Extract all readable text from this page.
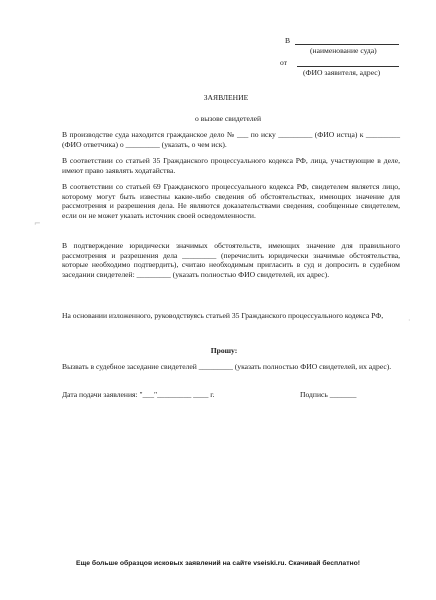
В
(наименование суда)
от
(ФИО заявителя, адрес)
ЗАЯВЛЕНИЕ
о вызове свидетелей
В производстве суда находится гражданское дело № ___ по иску _________ (ФИО истца) к _________ (ФИО ответчика) о _________ (указать, о чем иск).
В соответствии со статьей 35 Гражданского процессуального кодекса РФ, лица, участвующие в деле, имеют право заявлять ходатайства.
В соответствии со статьей 69 Гражданского процессуального кодекса РФ, свидетелем является лицо, которому могут быть известны какие-либо сведения об обстоятельствах, имеющих значение для рассмотрения и разрешения дела. Не являются доказательствами сведения, сообщенные свидетелем, если он не может указать источник своей осведомленности.
В подтверждение юридически значимых обстоятельств, имеющих значение для правильного рассмотрения и разрешения дела _________ (перечислить юридически значимые обстоятельства, которые необходимо подтвердить), считаю необходимым пригласить в суд и допросить в судебном заседании свидетелей: _________ (указать полностью ФИО свидетелей, их адрес).
На основании изложенного, руководствуясь статьей 35 Гражданского процессуального кодекса РФ,
Прошу:
Вызвать в судебное заседание свидетелей _________ (указать полностью ФИО свидетелей, их адрес).
Дата подачи заявления: "___"_________ ____ г.	Подпись _______
⌐
·
Еще больше образцов исковых заявлений на сайте vseiski.ru. Скачивай бесплатно!
